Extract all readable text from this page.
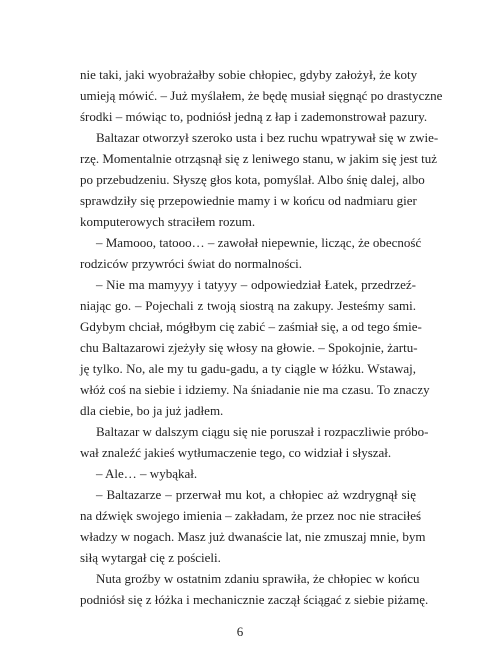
nie taki, jaki wyobrażałby sobie chłopiec, gdyby założył, że koty

umieją mówić. – Już myślałem, że będę musiał sięgnąć po drastyczne

środki – mówiąc to, podniósł jedną z łap i zademonstrował pazury.

Baltazar otworzył szeroko usta i bez ruchu wpatrywał się w zwie-

rzę. Momentalnie otrząsnął się z leniwego stanu, w jakim się jest tuż

po przebudzeniu. Słyszę głos kota, pomyślał. Albo śnię dalej, albo

sprawdziły się przepowiednie mamy i w końcu od nadmiaru gier

komputerowych straciłem rozum.

– Mamooo, tatooo… – zawołał niepewnie, licząc, że obecność

rodziców przywróci świat do normalności.

– Nie ma mamyyy i tatyyy – odpowiedział Łatek, przedrzeź-

niając go. – Pojechali z twoją siostrą na zakupy. Jesteśmy sami.

Gdybym chciał, mógłbym cię zabić – zaśmiał się, a od tego śmie-

chu Baltazarowi zjeżyły się włosy na głowie. – Spokojnie, żartu-

ję tylko. No, ale my tu gadu-gadu, a ty ciągle w łóżku. Wstawaj,

włóż coś na siebie i idziemy. Na śniadanie nie ma czasu. To znaczy

dla ciebie, bo ja już jadłem.

Baltazar w dalszym ciągu się nie poruszał i rozpaczliwie próbo-

wał znaleźć jakieś wytłumaczenie tego, co widział i słyszał.

– Ale… – wybąkał.

– Baltazarze – przerwał mu kot, a chłopiec aż wzdrygnął się

na dźwięk swojego imienia – zakładam, że przez noc nie straciłeś

władzy w nogach. Masz już dwanaście lat, nie zmuszaj mnie, bym

siłą wytargał cię z pościeli.

Nuta groźby w ostatnim zdaniu sprawiła, że chłopiec w końcu

podniósł się z łóżka i mechanicznie zaczął ściągać z siebie piżamę.

6
